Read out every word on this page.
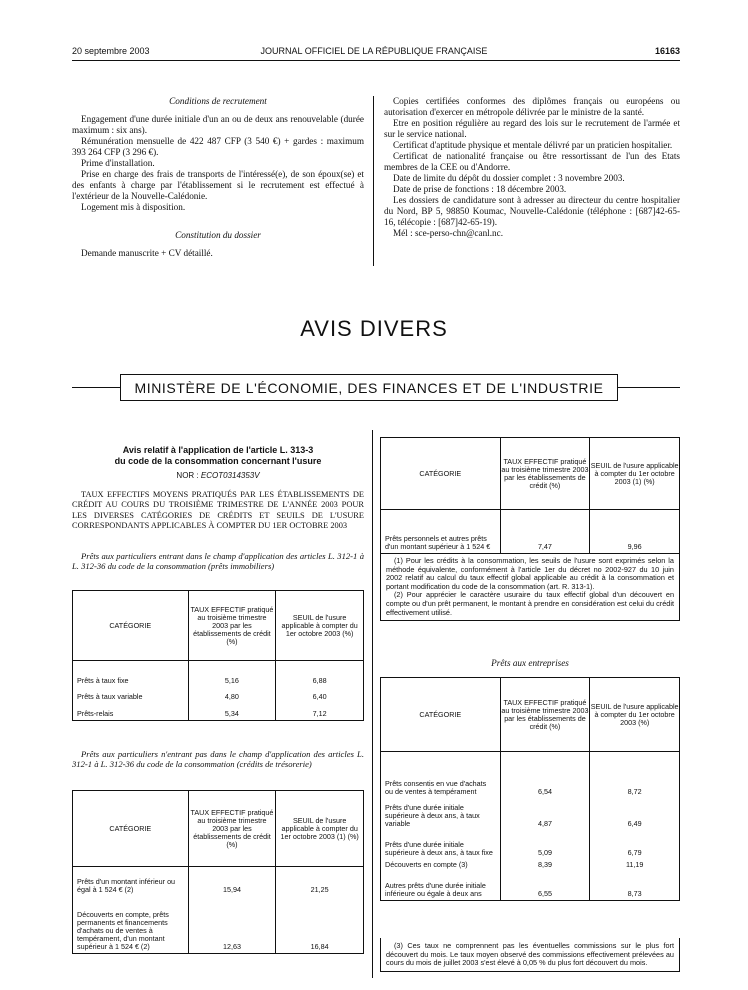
20 septembre 2003	JOURNAL OFFICIEL DE LA RÉPUBLIQUE FRANÇAISE	16163
Conditions de recrutement

Engagement d'une durée initiale d'un an ou de deux ans renouvelable (durée maximum : six ans).

Rémunération mensuelle de 422 487 CFP (3 540 €) + gardes : maximum 393 264 CFP (3 296 €).

Prime d'installation.

Prise en charge des frais de transports de l'intéressé(e), de son époux(se) et des enfants à charge par l'établissement si le recrutement est effectué à l'extérieur de la Nouvelle-Calédonie.

Logement mis à disposition.

Constitution du dossier

Demande manuscrite + CV détaillé.

Copies certifiées conformes des diplômes français ou européens ou autorisation d'exercer en métropole délivrée par le ministre de la santé.

Etre en position régulière au regard des lois sur le recrutement de l'armée et sur le service national.

Certificat d'aptitude physique et mentale délivré par un praticien hospitalier.

Certificat de nationalité française ou être ressortissant de l'un des Etats membres de la CEE ou d'Andorre.

Date de limite du dépôt du dossier complet : 3 novembre 2003.

Date de prise de fonctions : 18 décembre 2003.

Les dossiers de candidature sont à adresser au directeur du centre hospitalier du Nord, BP 5, 98850 Koumac, Nouvelle-Calédonie (téléphone : [687]42-65-16, télécopie : [687]42-65-19).

Mél : sce-perso-chn@canl.nc.

AVIS DIVERS
MINISTÈRE DE L'ÉCONOMIE, DES FINANCES ET DE L'INDUSTRIE
Avis relatif à l'application de l'article L. 313-3
du code de la consommation concernant l'usure
NOR : ECOT0314353V
TAUX EFFECTIFS MOYENS PRATIQUÉS PAR LES ÉTABLISSEMENTS DE CRÉDIT AU COURS DU TROISIÈME TRIMESTRE DE L'ANNÉE 2003 POUR LES DIVERSES CATÉGORIES DE CRÉDITS ET SEUILS DE L'USURE CORRESPONDANTS APPLICABLES À COMPTER DU 1ER OCTOBRE 2003
Prêts aux particuliers entrant dans le champ d'application des articles L. 312-1 à L. 312-36 du code de la consommation (prêts immobiliers)
CATÉGORIE	TAUX EFFECTIF pratiqué au troisième trimestre 2003 par les établissements de crédit (%)	SEUIL de l'usure applicable à compter du 1er octobre 2003 (%)

Prêts à taux fixe	5,16	6,88
Prêts à taux variable	4,80	6,40
Prêts-relais	5,34	7,12
Prêts aux particuliers n'entrant pas dans le champ d'application des articles L. 312-1 à L. 312-36 du code de la consommation (crédits de trésorerie)
CATÉGORIE	TAUX EFFECTIF pratiqué au troisième trimestre 2003 par les établissements de crédit (%)	SEUIL de l'usure applicable à compter du 1er octobre 2003 (1) (%)

Prêts d'un montant inférieur ou égal à 1 524 € (2)	15,94	21,25
Découverts en compte, prêts permanents et financements d'achats ou de ventes à tempérament, d'un montant supérieur à 1 524 € (2)	12,63	16,84
CATÉGORIE	TAUX EFFECTIF pratiqué au troisième trimestre 2003 par les établissements de crédit (%)	SEUIL de l'usure applicable à compter du 1er octobre 2003 (1) (%)

Prêts personnels et autres prêts d'un montant supérieur à 1 524 €	7,47	9,96

(1) Pour les crédits à la consommation, les seuils de l'usure sont exprimés selon la méthode équivalente, conformément à l'article 1er du décret no 2002-927 du 10 juin 2002 relatif au calcul du taux effectif global applicable au crédit à la consommation et portant modification du code de la consommation (art. R. 313-1).

(2) Pour apprécier le caractère usuraire du taux effectif global d'un découvert en compte ou d'un prêt permanent, le montant à prendre en considération est celui du crédit effectivement utilisé.

Prêts aux entreprises
CATÉGORIE	TAUX EFFECTIF pratiqué au troisième trimestre 2003 par les établissements de crédit (%)	SEUIL de l'usure applicable à compter du 1er octobre 2003 (%)

Prêts consentis en vue d'achats ou de ventes à tempérament	6,54	8,72
Prêts d'une durée initiale supérieure à deux ans, à taux variable	4,87	6,49
Prêts d'une durée initiale supérieure à deux ans, à taux fixe	5,09	6,79
Découverts en compte (3)	8,39	11,19
Autres prêts d'une durée initiale inférieure ou égale à deux ans	6,55	8,73

(3) Ces taux ne comprennent pas les éventuelles commissions sur le plus fort découvert du mois. Le taux moyen observé des commissions effectivement prélevées au cours du mois de juillet 2003 s'est élevé à 0,05 % du plus fort découvert du mois.
